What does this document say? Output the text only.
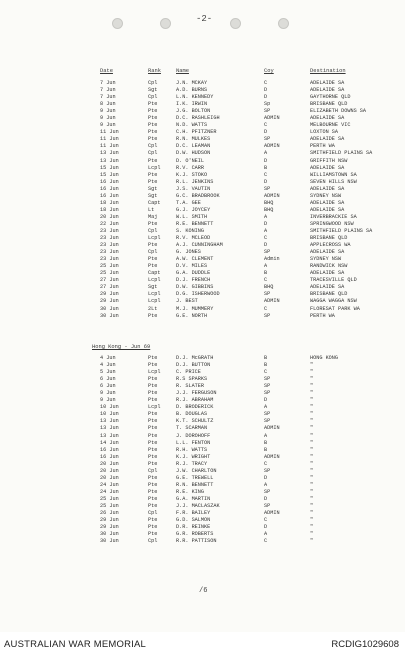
-2-
Date	Rank	Name	Coy	Destination
7 Jun	Cpl	J.N. MCKAY	C	ADELAIDE SA
7 Jun	Sgt	A.D. BURNS	D	ADELAIDE SA
7 Jun	Cpl	L.N. KENNEDY	D	GAYTHORNE QLD
8 Jun	Pte	I.K. IRWIN	Sp	BRISBANE QLD
9 Jun	Pte	J.G. BOLTON	SP	ELIZABETH DOWNS SA
9 Jun	Pte	D.C. RASHLEIGH	ADMIN	ADELAIDE SA
9 Jun	Pte	N.D. WATTS	C	MELBOURNE VIC
11 Jun	Pte	C.H. PFITZNER	D	LOXTON SA
11 Jun	Pte	R.N. MULKES	SP	ADELAIDE SA
11 Jun	Cpl	D.C. LEAMAN	ADMIN	PERTH WA
13 Jun	Cpl	D.W. HUDSON	A	SMITHFIELD PLAINS SA
13 Jun	Pte	D. O'NEIL	D	GRIFFITH NSW
15 Jun	Lcpl	R.V. CARR	B	ADELAIDE SA
15 Jun	Pte	K.J. STOKO	C	WILLIAMSTOWN SA
16 Jun	Pte	R.L. JENKINS	D	SEVEN HILLS NSW
16 Jun	Sgt	J.S. VAUTIN	SP	ADELAIDE SA
16 Jun	Sgt	G.C. BRADBROOK	ADMIN	SYDNEY NSW
18 Jun	Capt	T.A. GEE	BHQ	ADELAIDE SA
18 Jun	Lt	G.J. JOYCEY	BHQ	ADELAIDE SA
20 Jun	Maj	W.L. SMITH	A	INVERBRACKIE SA
22 Jun	Pte	R.E. BENNETT	D	SPRINGWOOD NSW
23 Jun	Cpl	S. KONING	A	SMITHFIELD PLAINS SA
23 Jun	Lcpl	R.V. MCLEOD	C	BRISBANE QLD
23 Jun	Pte	A.J. CUNNINGHAM	D	APPLECROSS WA
23 Jun	Cpl	G. JONES	SP	ADELAIDE SA
23 Jun	Pte	A.W. CLEMENT	Admin	SYDNEY NSW
25 Jun	Pte	D.V. MILES	A	RANDWICK NSW
25 Jun	Capt	G.A. DUDDLE	B	ADELAIDE SA
27 Jun	Lcpl	D.J. FRENCH	C	TRACESVILLE QLD
27 Jun	Sgt	D.W. GIBBINS	BHQ	ADELAIDE SA
29 Jun	Lcpl	D.G. ISHERWOOD	SP	BRISBANE QLD
29 Jun	Lcpl	J. BEST	ADMIN	WAGGA WAGGA NSW
30 Jun	2Lt	M.J. MUMMERY	C	FLORESAT PARK WA
30 Jun	Pte	G.E. NORTH	SP	PERTH WA
Hong Kong - Jun 69
4 Jun	Pte	D.J. McGRATH	B	HONG KONG
4 Jun	Pte	D.J. BUTTON	B	"
5 Jun	Lcpl	C. PRICE	C	"
6 Jun	Pte	R.S SPARKS	SP	"
6 Jun	Pte	R. SLATER	SP	"
9 Jun	Pte	J.J. FERGUSON	SP	"
9 Jun	Pte	R.J. ABRAHAM	D	"
10 Jun	Lcpl	D. BRODERICK	A	"
10 Jun	Pte	B. DOUGLAS	SP	"
13 Jun	Pte	K.T. SCHULTZ	SP	"
13 Jun	Pte	T. SCARMAN	ADMIN	"
13 Jun	Pte	J. DOROHOFF	A	"
14 Jun	Pte	L.L. FENTON	B	"
16 Jun	Pte	R.H. WATTS	B	"
16 Jun	Pte	K.J. WRIGHT	ADMIN	"
20 Jun	Pte	R.J. TRACY	C	"
20 Jun	Cpl	J.W. CHARLTON	SP	"
20 Jun	Pte	G.E. TREWELL	D	"
24 Jun	Pte	R.N. BENNETT	A	"
24 Jun	Pte	R.E. KING	SP	"
25 Jun	Pte	G.A. MARTIN	D	"
25 Jun	Pte	J.J. MACLASZAK	SP	"
26 Jun	Cpl	F.R. BAILEY	ADMIN	"
29 Jun	Pte	G.D. SALMON	C	"
29 Jun	Pte	D.R. REINKE	D	"
30 Jun	Pte	G.R. ROBERTS	A	"
30 Jun	Cpl	R.R. PATTISON	C	"
/6
AUSTRALIAN WAR MEMORIAL	RCDIG1029608
